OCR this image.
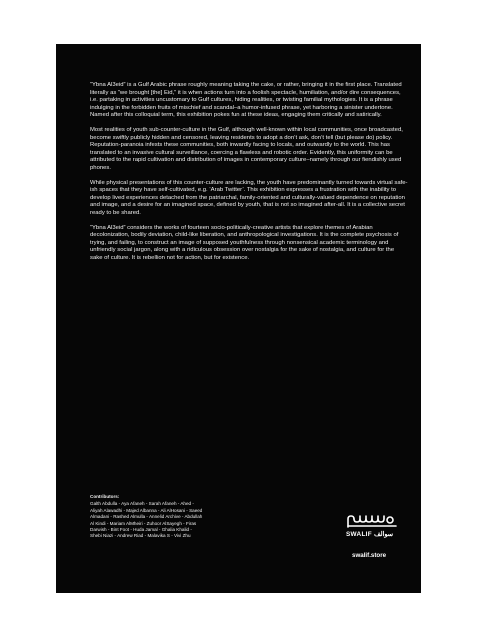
“Ybna Al3eid” is a Gulf Arabic phrase roughly meaning taking the cake, or rather, bringing it in the first place. Translated literally as “we brought [the] Eid,” it is when actions turn into a foolish spectacle, humiliation, and/or dire consequences, i.e. partaking in activities uncustomary to Gulf cultures, hiding realities, or twisting familial mythologies. It is a phrase indulging in the forbidden fruits of mischief and scandal–a humor-infused phrase, yet harboring a sinister undertone. Named after this colloquial term, this exhibition pokes fun at these ideas, engaging them critically and satirically.

Most realities of youth sub-counter-culture in the Gulf, although well-known within local communities, once broadcasted, become swiftly publicly hidden and censored, leaving residents to adopt a don’t ask, don’t tell (but please do) policy. Reputation-paranoia infests these communities, both inwardly facing to locals, and outwardly to the world. This has translated to an invasive cultural surveillance, coercing a flawless and robotic order. Evidently, this uniformity can be attributed to the rapid cultivation and distribution of images in contemporary culture–namely through our fiendishly used phones.

While physical presentations of this counter-culture are lacking, the youth have predominantly turned towards virtual safe-ish spaces that they have self-cultivated, e.g. ‘Arab Twitter’. This exhibition expresses a frustration with the inability to develop lived experiences detached from the patriarchal, family-oriented and culturally-valued dependence on reputation and image, and a desire for an imagined space, defined by youth, that is not so imagined after-all. It is a collective secret ready to be shared.

“Ybna Al3eid” considers the works of fourteen socio-politically-creative artists that explore themes of Arabian decolonization, bodily deviation, child-like liberation, and anthropological investigations. It is the complete psychosis of trying, and failing, to construct an image of supposed youthfulness through nonsensical academic terminology and unfriendly social jargon, along with a ridiculous obsession over nostalgia for the sake of nostalgia, and culture for the sake of culture. It is rebellion not for action, but for existence.

Contributors:
Galth Abdulla - Aya Afaneh - Sarah Afaneh - Ahed -
Aliyah Alawadhi - Majed Albanna - Ali AlHosani - Saeed
Almadani - Rashed Almulla - Annelid Archive - Abdullah
Al Kindi - Mariam AlMheiri - Zuhoor AlSayegh - Firas
Darwish - Bint Foot - Huda Jamal - Ghalia Khalid -
Shebi Niazi - Andrew Riad - Malavika S - Vivi Zhu	SWALIF سوالف
swalif.store
